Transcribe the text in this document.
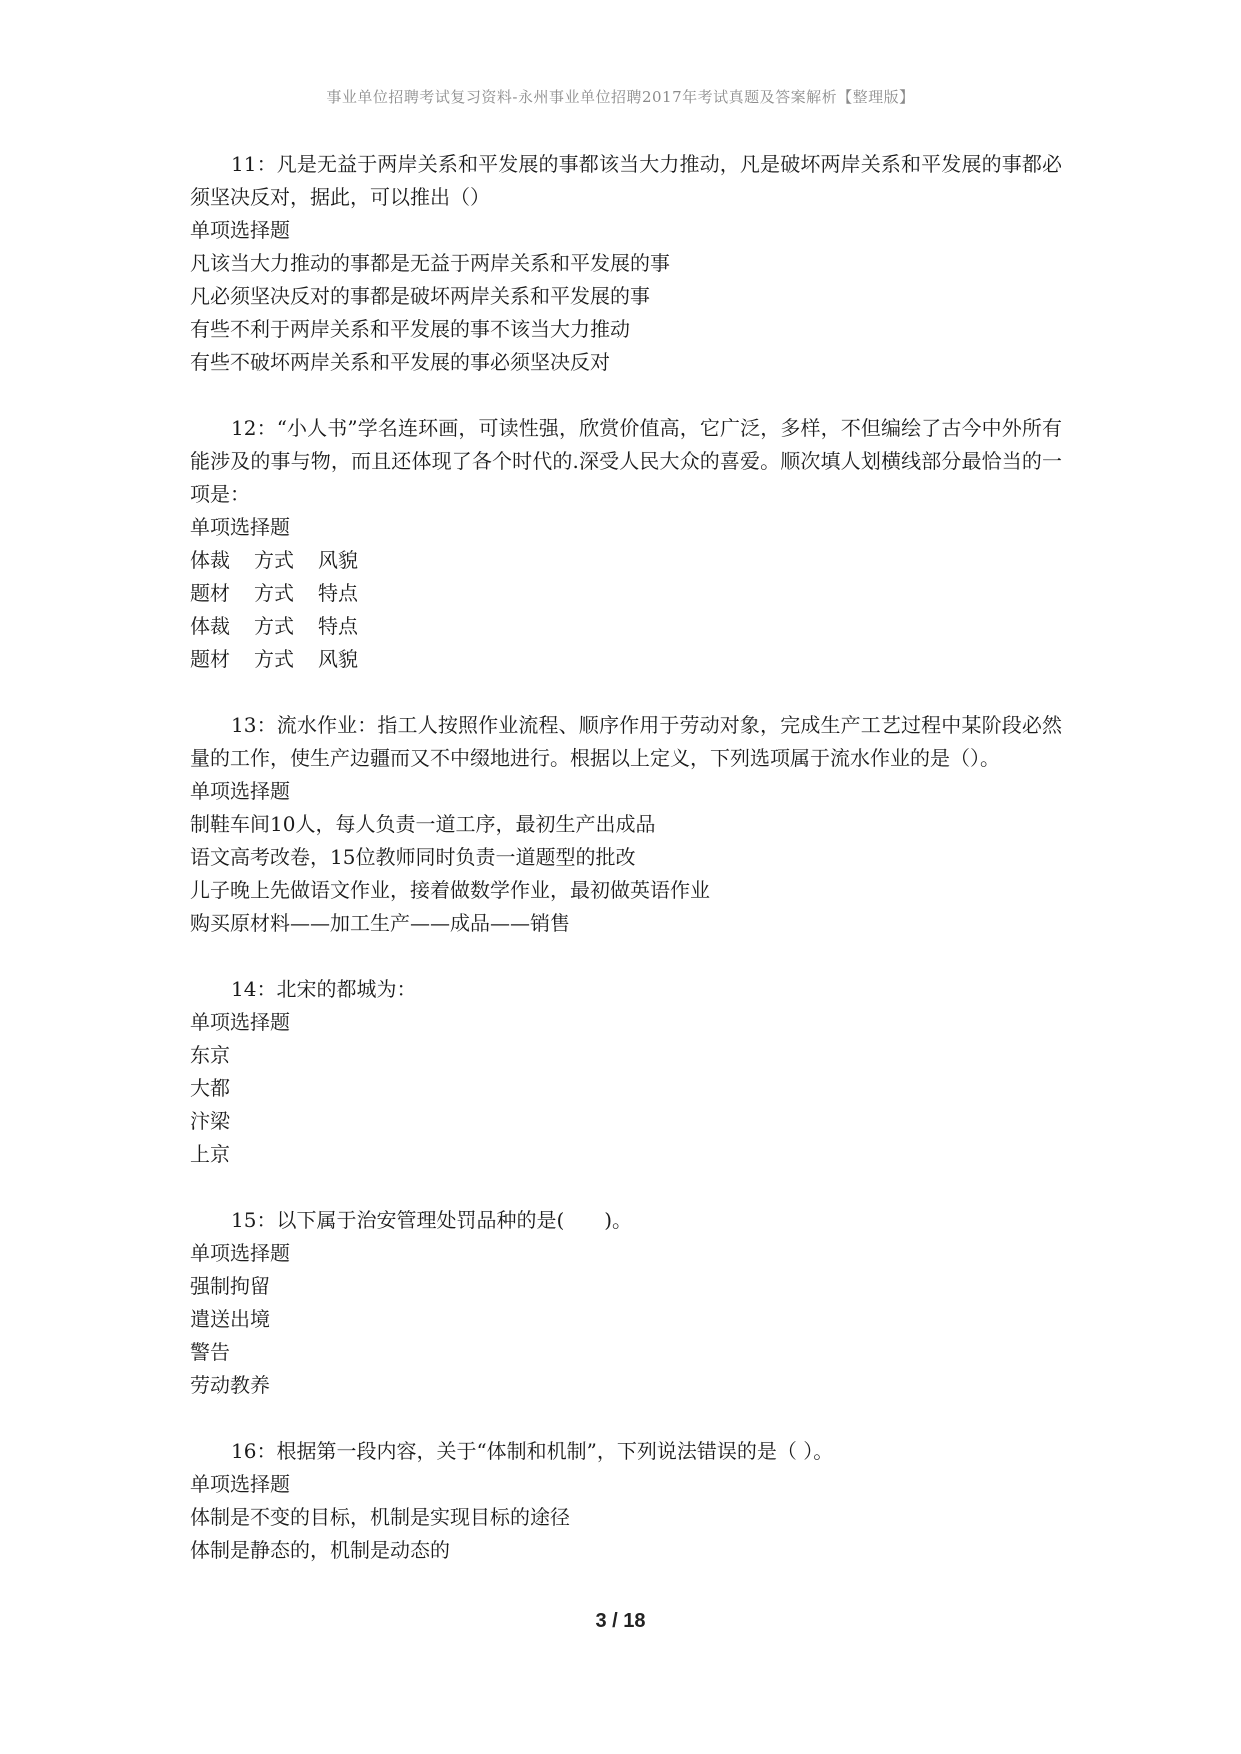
事业单位招聘考试复习资料-永州事业单位招聘2017年考试真题及答案解析【整理版】

11：凡是无益于两岸关系和平发展的事都该当大力推动，凡是破坏两岸关系和平发展的事都必须坚决反对，据此，可以推出（）

单项选择题

凡该当大力推动的事都是无益于两岸关系和平发展的事

凡必须坚决反对的事都是破坏两岸关系和平发展的事

有些不利于两岸关系和平发展的事不该当大力推动

有些不破坏两岸关系和平发展的事必须坚决反对

12：“小人书”学名连环画，可读性强，欣赏价值高，它广泛，多样，不但编绘了古今中外所有能涉及的事与物，而且还体现了各个时代的.深受人民大众的喜爱。顺次填人划横线部分最恰当的一项是：

单项选择题

体裁 方式 风貌

题材 方式 特点

体裁 方式 特点

题材 方式 风貌

13：流水作业：指工人按照作业流程、顺序作用于劳动对象，完成生产工艺过程中某阶段必然量的工作，使生产边疆而又不中缀地进行。根据以上定义，下列选项属于流水作业的是（）。

单项选择题

制鞋车间10人，每人负责一道工序，最初生产出成品

语文高考改卷，15位教师同时负责一道题型的批改

儿子晚上先做语文作业，接着做数学作业，最初做英语作业

购买原材料——加工生产——成品——销售

14：北宋的都城为：

单项选择题

东京

大都

汴梁

上京

15：以下属于治安管理处罚品种的是(　　)。

单项选择题

强制拘留

遣送出境

警告

劳动教养

16：根据第一段内容，关于“体制和机制”，下列说法错误的是（ ）。

单项选择题

体制是不变的目标，机制是实现目标的途径

体制是静态的，机制是动态的

3 / 18
